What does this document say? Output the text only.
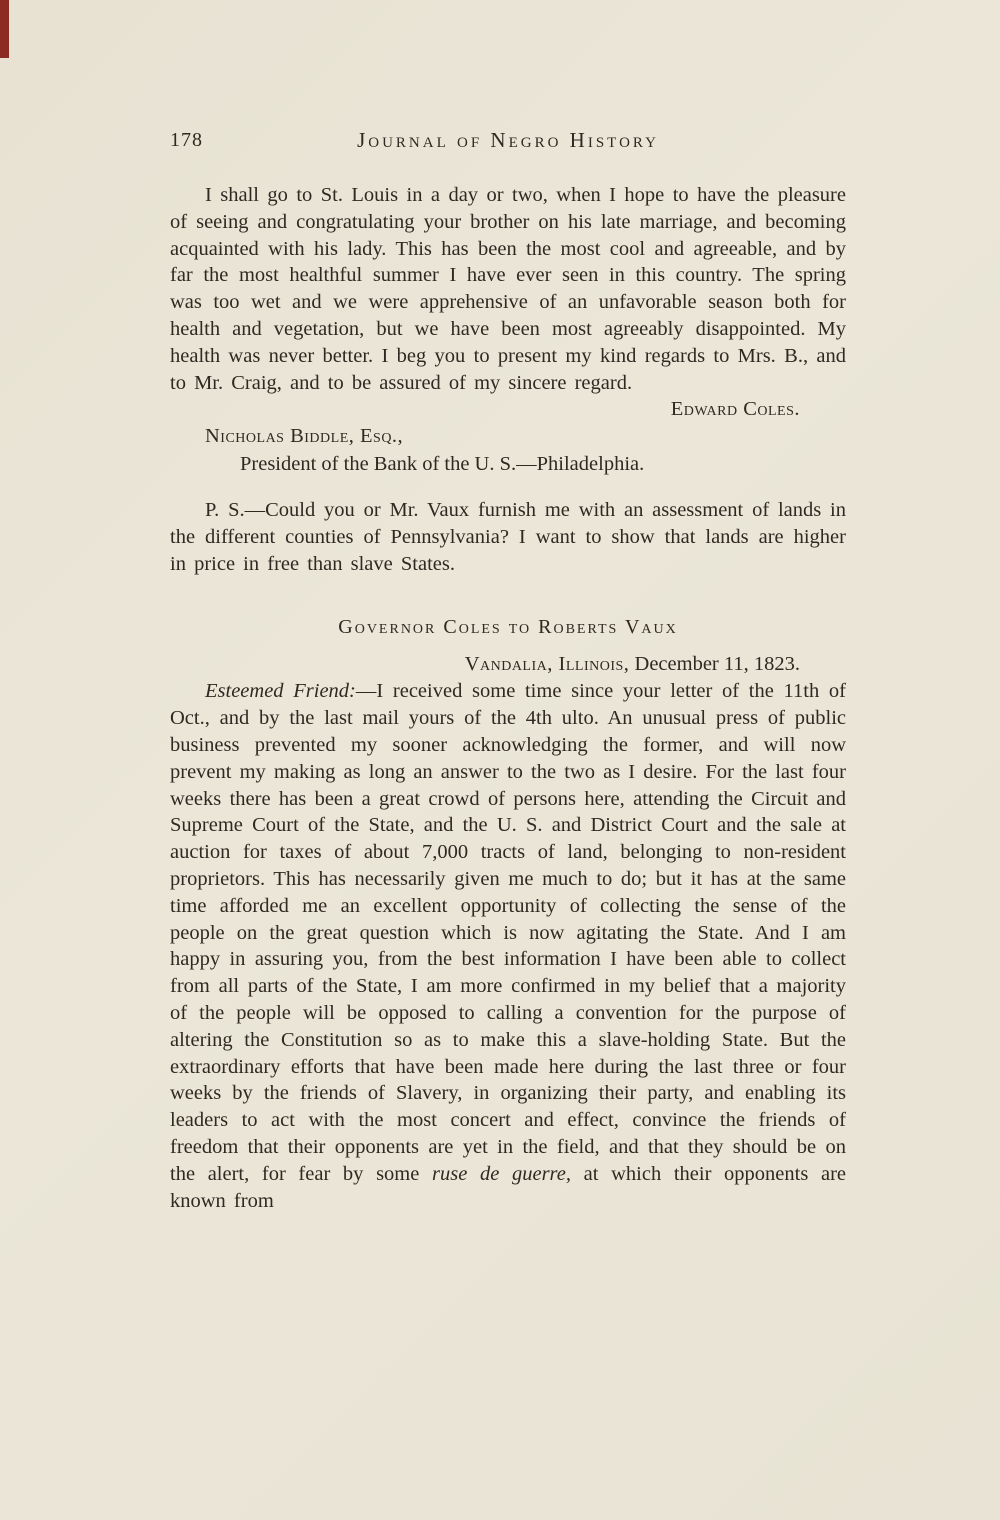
178	Journal of Negro History

I shall go to St. Louis in a day or two, when I hope to have the pleasure of seeing and congratulating your brother on his late marriage, and becoming acquainted with his lady. This has been the most cool and agreeable, and by far the most healthful summer I have ever seen in this country. The spring was too wet and we were apprehensive of an unfavorable season both for health and vegetation, but we have been most agreeably disappointed. My health was never better. I beg you to present my kind regards to Mrs. B., and to Mr. Craig, and to be assured of my sincere regard.

Edward Coles.

Nicholas Biddle, Esq.,

President of the Bank of the U. S.—Philadelphia.

P. S.—Could you or Mr. Vaux furnish me with an assessment of lands in the different counties of Pennsylvania? I want to show that lands are higher in price in free than slave States.

Governor Coles to Roberts Vaux

Vandalia, Illinois, December 11, 1823.

Esteemed Friend:—I received some time since your letter of the 11th of Oct., and by the last mail yours of the 4th ulto. An unusual press of public business prevented my sooner acknowledging the former, and will now prevent my making as long an answer to the two as I desire. For the last four weeks there has been a great crowd of persons here, attending the Circuit and Supreme Court of the State, and the U. S. and District Court and the sale at auction for taxes of about 7,000 tracts of land, belonging to non-resident proprietors. This has necessarily given me much to do; but it has at the same time afforded me an excellent opportunity of collecting the sense of the people on the great question which is now agitating the State. And I am happy in assuring you, from the best information I have been able to collect from all parts of the State, I am more confirmed in my belief that a majority of the people will be opposed to calling a convention for the purpose of altering the Constitution so as to make this a slave-holding State. But the extraordinary efforts that have been made here during the last three or four weeks by the friends of Slavery, in organizing their party, and enabling its leaders to act with the most concert and effect, convince the friends of freedom that their opponents are yet in the field, and that they should be on the alert, for fear by some ruse de guerre, at which their opponents are known from
